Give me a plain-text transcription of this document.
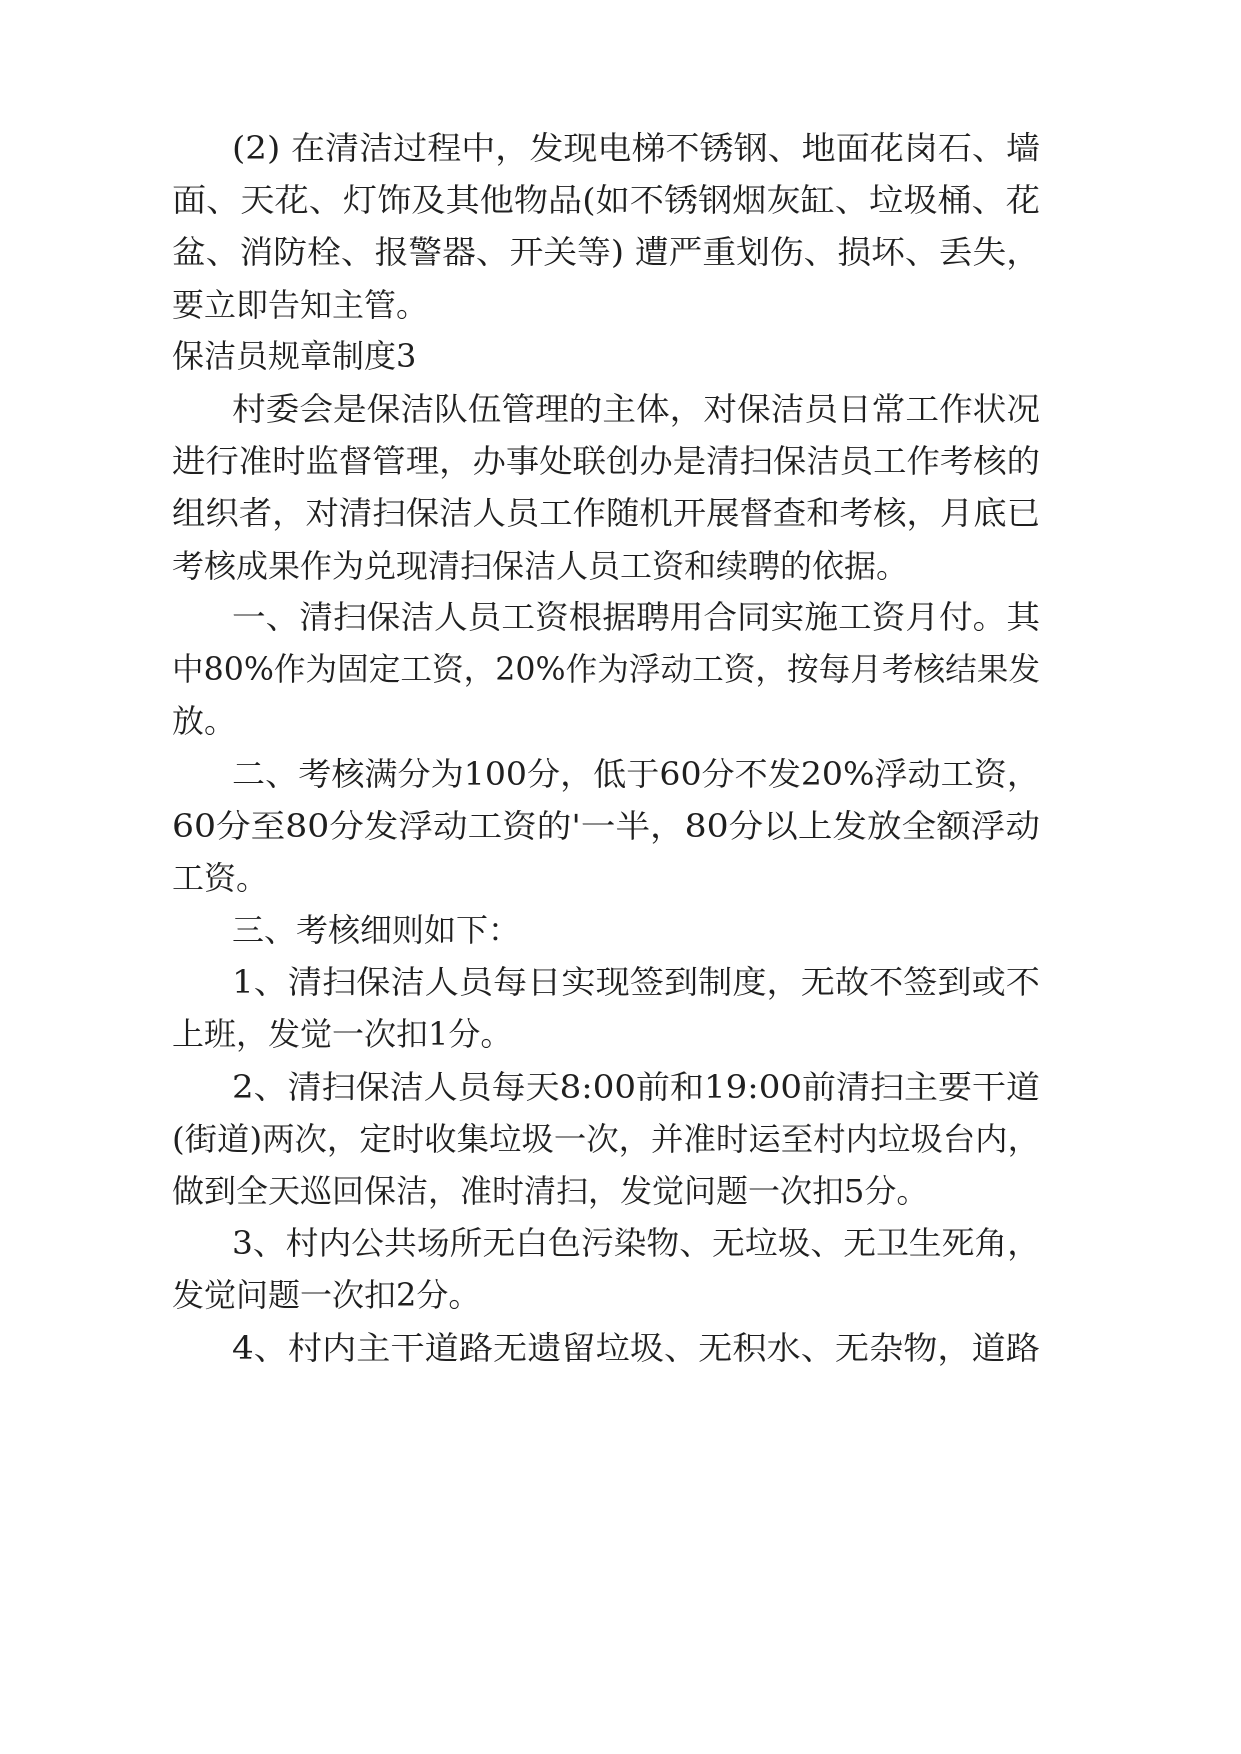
(2) 在清洁过程中，发现电梯不锈钢、地面花岗石、墙

面、天花、灯饰及其他物品(如不锈钢烟灰缸、垃圾桶、花

盆、消防栓、报警器、开关等) 遭严重划伤、损坏、丢失，

要立即告知主管。

保洁员规章制度3

村委会是保洁队伍管理的主体，对保洁员日常工作状况

进行准时监督管理，办事处联创办是清扫保洁员工作考核的

组织者，对清扫保洁人员工作随机开展督查和考核，月底已

考核成果作为兑现清扫保洁人员工资和续聘的依据。

一、清扫保洁人员工资根据聘用合同实施工资月付。其

中80%作为固定工资，20%作为浮动工资，按每月考核结果发

放。

二、考核满分为100分，低于60分不发20%浮动工资，

60分至80分发浮动工资的'一半，80分以上发放全额浮动

工资。

三、考核细则如下：

1、清扫保洁人员每日实现签到制度，无故不签到或不

上班，发觉一次扣1分。

2、清扫保洁人员每天8:00前和19:00前清扫主要干道

(街道)两次，定时收集垃圾一次，并准时运至村内垃圾台内，

做到全天巡回保洁，准时清扫，发觉问题一次扣5分。

3、村内公共场所无白色污染物、无垃圾、无卫生死角，

发觉问题一次扣2分。

4、村内主干道路无遗留垃圾、无积水、无杂物，道路
